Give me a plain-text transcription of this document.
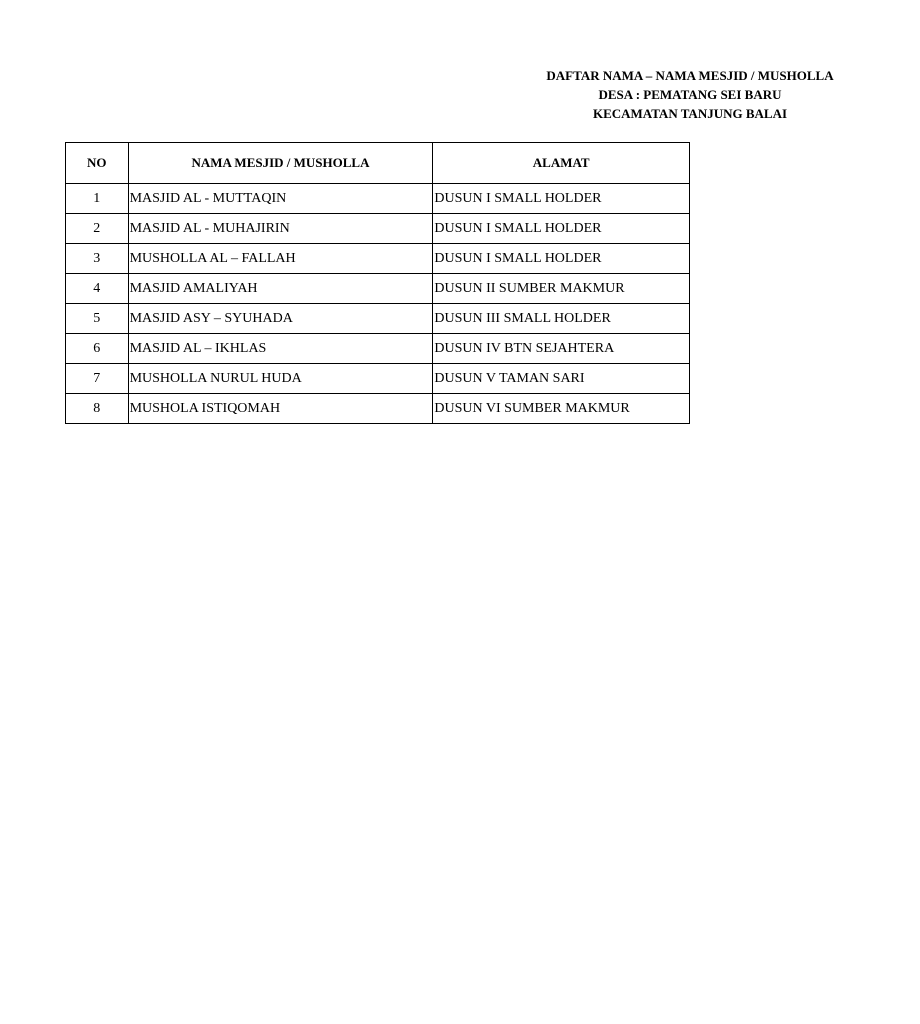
DAFTAR NAMA – NAMA MESJID / MUSHOLLA
DESA : PEMATANG SEI BARU
KECAMATAN TANJUNG BALAI
NO	NAMA MESJID / MUSHOLLA	ALAMAT
1	MASJID AL - MUTTAQIN	DUSUN I SMALL HOLDER
2	MASJID AL - MUHAJIRIN	DUSUN I SMALL HOLDER
3	MUSHOLLA AL – FALLAH	DUSUN I SMALL HOLDER
4	MASJID AMALIYAH	DUSUN II SUMBER MAKMUR
5	MASJID ASY – SYUHADA	DUSUN III SMALL HOLDER
6	MASJID AL – IKHLAS	DUSUN IV BTN SEJAHTERA
7	MUSHOLLA NURUL HUDA	DUSUN V TAMAN SARI
8	MUSHOLA ISTIQOMAH	DUSUN VI SUMBER MAKMUR
